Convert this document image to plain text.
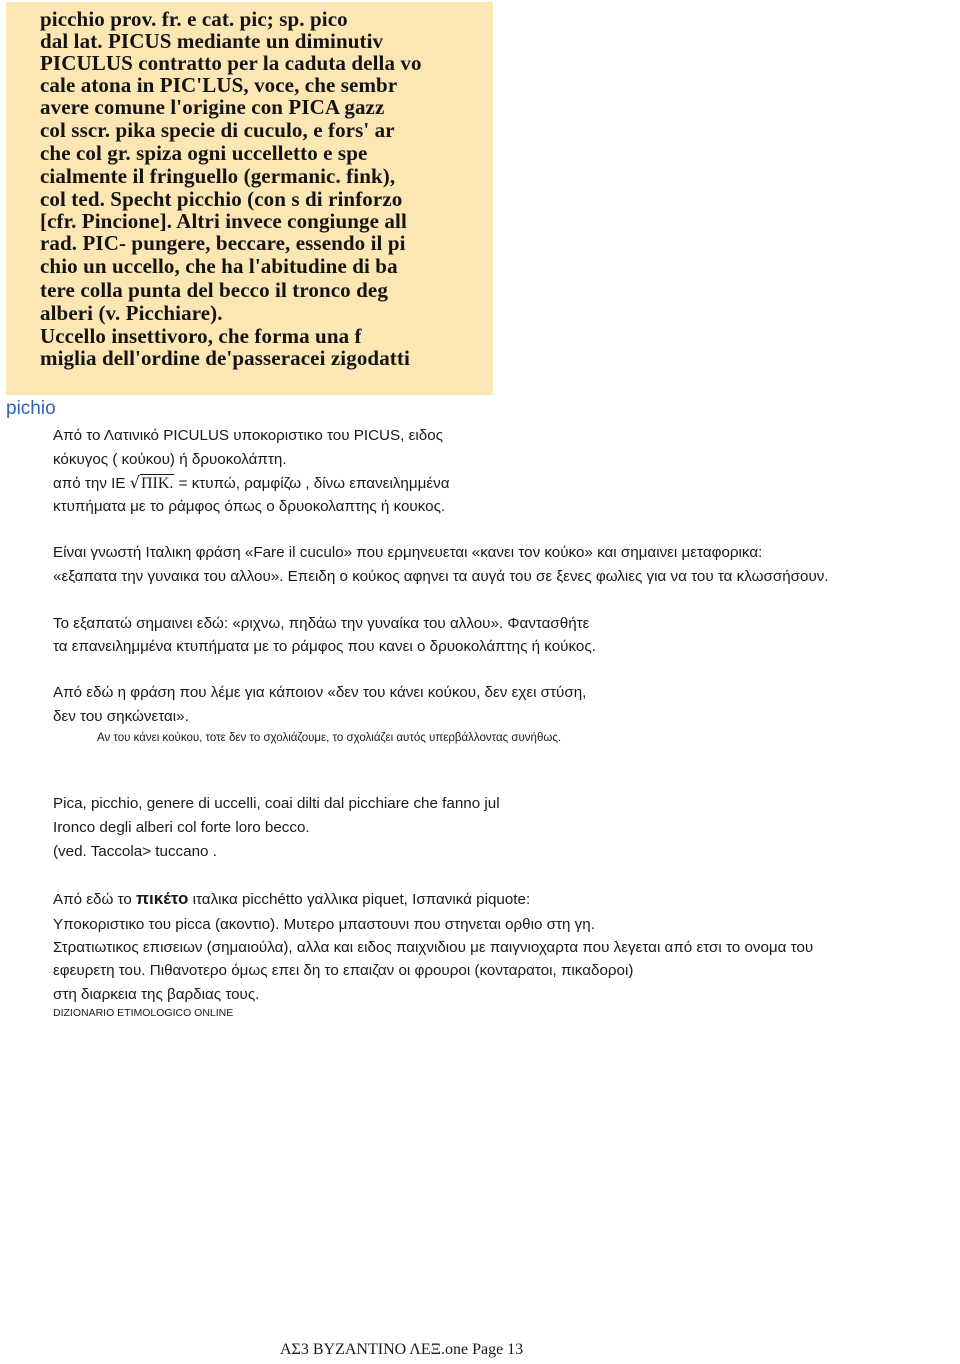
picchio prov. fr. e cat. pic; sp. pico
dal lat. PICUS mediante un diminutiv
PICULUS contratto per la caduta della vo
cale atona in PIC'LUS, voce, che sembr
avere comune l'origine con PICA gazz
col sscr. pika specie di cuculo, e fors' ar
che col gr. spiza ogni uccelletto e spe
cialmente il fringuello (germanic. fink),
col ted. Specht picchio (con s di rinforzo
[cfr. Pincione]. Altri invece congiunge all
rad. PIC- pungere, beccare, essendo il pi
chio un uccello, che ha l'abitudine di ba
tere colla punta del becco il tronco deg
alberi (v. Picchiare).
Uccello insettivoro, che forma una f
miglia dell'ordine de'passeracei zigodatti
pichio
Από το Λατινικό PICULUS υποκοριστικο του PICUS, ειδος
κόκυγος ( κούκου) ή δρυοκολάπτη.
από την ΙΕ √ΠΙΚ. = κτυπώ, ραμφίζω , δίνω επανειλημμένα
κτυπήματα με το ράμφος όπως ο δρυοκολαπτης ή κουκος.
Είναι γνωστή Ιταλικη φράση «Fare il cuculo» που ερμηνευεται «κανει τον κούκο» και σημαινει μεταφορικα:
«εξαπατα την γυναικα του αλλου». Επειδη ο κούκος αφηνει τα αυγά του σε ξενες φωλιες για να του τα κλωσσήσουν.
Το εξαπατώ σημαινει εδώ: «ριχνω, πηδάω την γυναίκα του αλλου». Φαντασθήτε
τα επανειλημμένα κτυπήματα με το ράμφος που κανει ο δρυοκολάπτης ή κούκος.
Από εδώ η φράση που λέμε για κάποιον «δεν του κάνει κούκου, δεν εχει στύση,
δεν του σηκώνεται».
Αν του κάνει κούκου, τοτε δεν το σχολιάζουμε, το σχολιάζει αυτός υπερβάλλοντας συνήθως.
Pica, picchio, genere di uccelli, coai dilti dal picchiare che fanno jul
Ironco degli alberi col forte loro becco.
(ved. Taccola> tuccano .
Από εδώ το πικέτο ιταλικα picchétto γαλλικα piquet, Ισπανικά piquote:
Υποκοριστικο του picca (ακοντιο). Μυτερο μπαστουνι που στηνεται ορθιο στη γη.
Στρατιωτικος επισειων (σημαιούλα), αλλα και ειδος παιχνιδιου με παιγνιοχαρτα που λεγεται από ετσι το ονομα του
εφευρετη του. Πιθανοτερο όμως επει δη το επαιζαν οι φρουροι (κονταρατοι, πικαδοροι)
στη διαρκεια της βαρδιας τους.
DIZIONARIO ETIMOLOGICO ONLINE
ΑΣ3 ΒΥΖΑΝΤΙΝΟ ΛΕΞ.one Page 13
